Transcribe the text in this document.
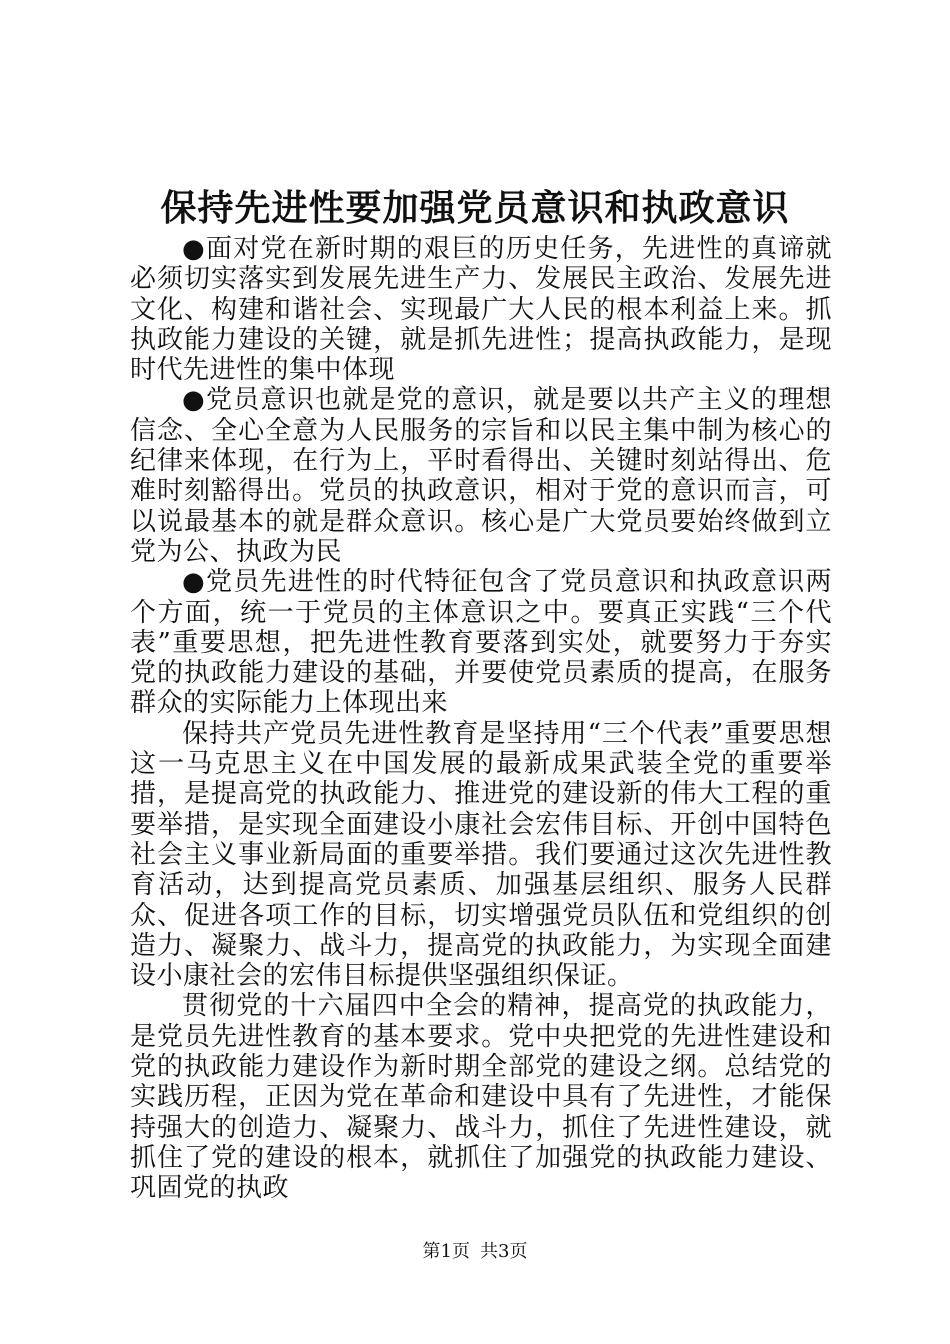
保持先进性要加强党员意识和执政意识

●面对党在新时期的艰巨的历史任务，先进性的真谛就必须切实落实到发展先进生产力、发展民主政治、发展先进文化、构建和谐社会、实现最广大人民的根本利益上来。抓执政能力建设的关键，就是抓先进性；提高执政能力，是现时代先进性的集中体现

●党员意识也就是党的意识，就是要以共产主义的理想信念、全心全意为人民服务的宗旨和以民主集中制为核心的纪律来体现，在行为上，平时看得出、关键时刻站得出、危难时刻豁得出。党员的执政意识，相对于党的意识而言，可以说最基本的就是群众意识。核心是广大党员要始终做到立党为公、执政为民

●党员先进性的时代特征包含了党员意识和执政意识两个方面，统一于党员的主体意识之中。要真正实践“三个代表”重要思想，把先进性教育要落到实处，就要努力于夯实党的执政能力建设的基础，并要使党员素质的提高，在服务群众的实际能力上体现出来

保持共产党员先进性教育是坚持用“三个代表”重要思想这一马克思主义在中国发展的最新成果武装全党的重要举措，是提高党的执政能力、推进党的建设新的伟大工程的重要举措，是实现全面建设小康社会宏伟目标、开创中国特色社会主义事业新局面的重要举措。我们要通过这次先进性教育活动，达到提高党员素质、加强基层组织、服务人民群众、促进各项工作的目标，切实增强党员队伍和党组织的创造力、凝聚力、战斗力，提高党的执政能力，为实现全面建设小康社会的宏伟目标提供坚强组织保证。

贯彻党的十六届四中全会的精神，提高党的执政能力，是党员先进性教育的基本要求。党中央把党的先进性建设和党的执政能力建设作为新时期全部党的建设之纲。总结党的实践历程，正因为党在革命和建设中具有了先进性，才能保持强大的创造力、凝聚力、战斗力，抓住了先进性建设，就抓住了党的建设的根本，就抓住了加强党的执政能力建设、巩固党的执政

第1页 共3页
